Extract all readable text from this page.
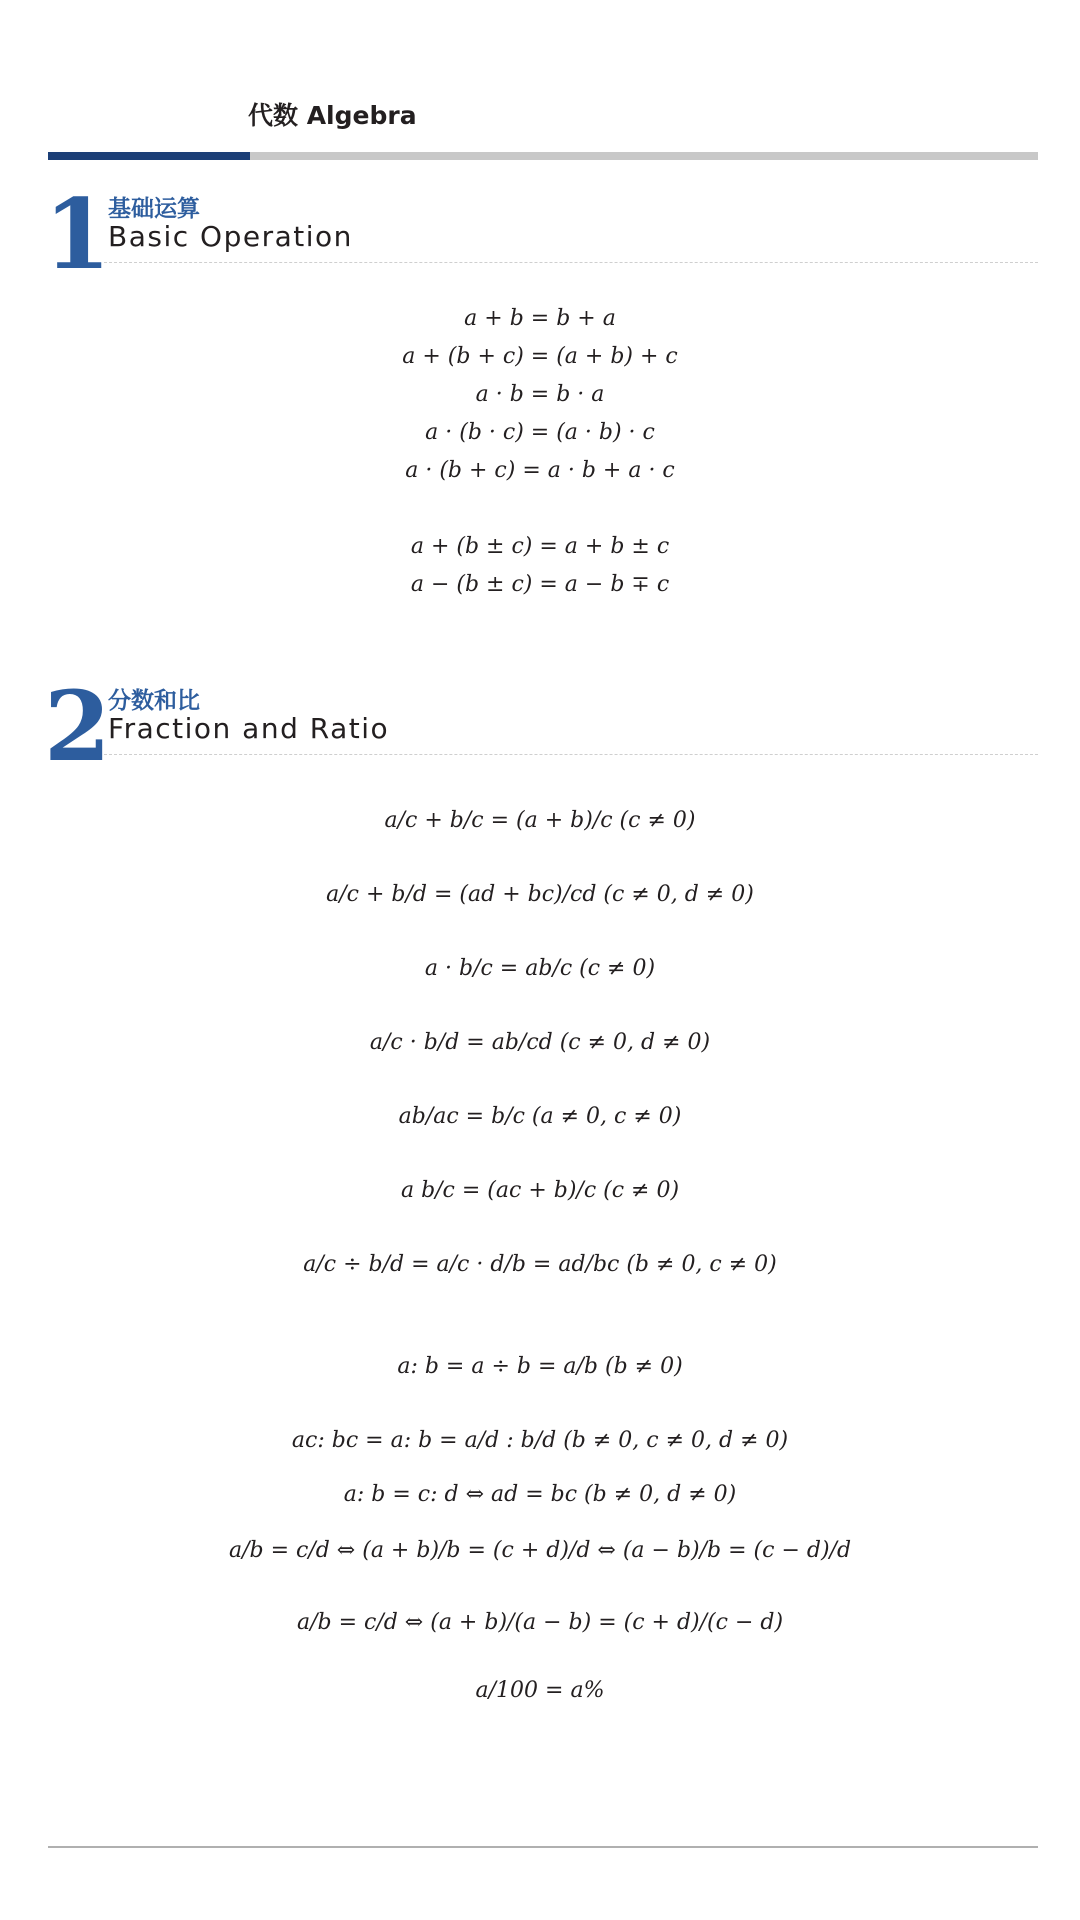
代数 Algebra
1 基础运算
Basic Operation
a + b = b + a
a + (b + c) = (a + b) + c
a · b = b · a
a · (b · c) = (a · b) · c
a · (b + c) = a · b + a · c
a + (b ± c) = a + b ± c
a − (b ± c) = a − b ∓ c
2 分数和比
Fraction and Ratio
a/c + b/c = (a + b)/c (c ≠ 0)
a/c + b/d = (ad + bc)/cd (c ≠ 0, d ≠ 0)
a · b/c = ab/c (c ≠ 0)
a/c · b/d = ab/cd (c ≠ 0, d ≠ 0)
ab/ac = b/c (a ≠ 0, c ≠ 0)
a b/c = (ac + b)/c (c ≠ 0)
a/c ÷ b/d = a/c · d/b = ad/bc (b ≠ 0, c ≠ 0)
a: b = a ÷ b = a/b (b ≠ 0)
ac: bc = a: b = a/d : b/d (b ≠ 0, c ≠ 0, d ≠ 0)
a: b = c: d ⇔ ad = bc (b ≠ 0, d ≠ 0)
a/b = c/d ⇔ (a + b)/b = (c + d)/d ⇔ (a − b)/b = (c − d)/d
a/b = c/d ⇔ (a + b)/(a − b) = (c + d)/(c − d)
a/100 = a%
